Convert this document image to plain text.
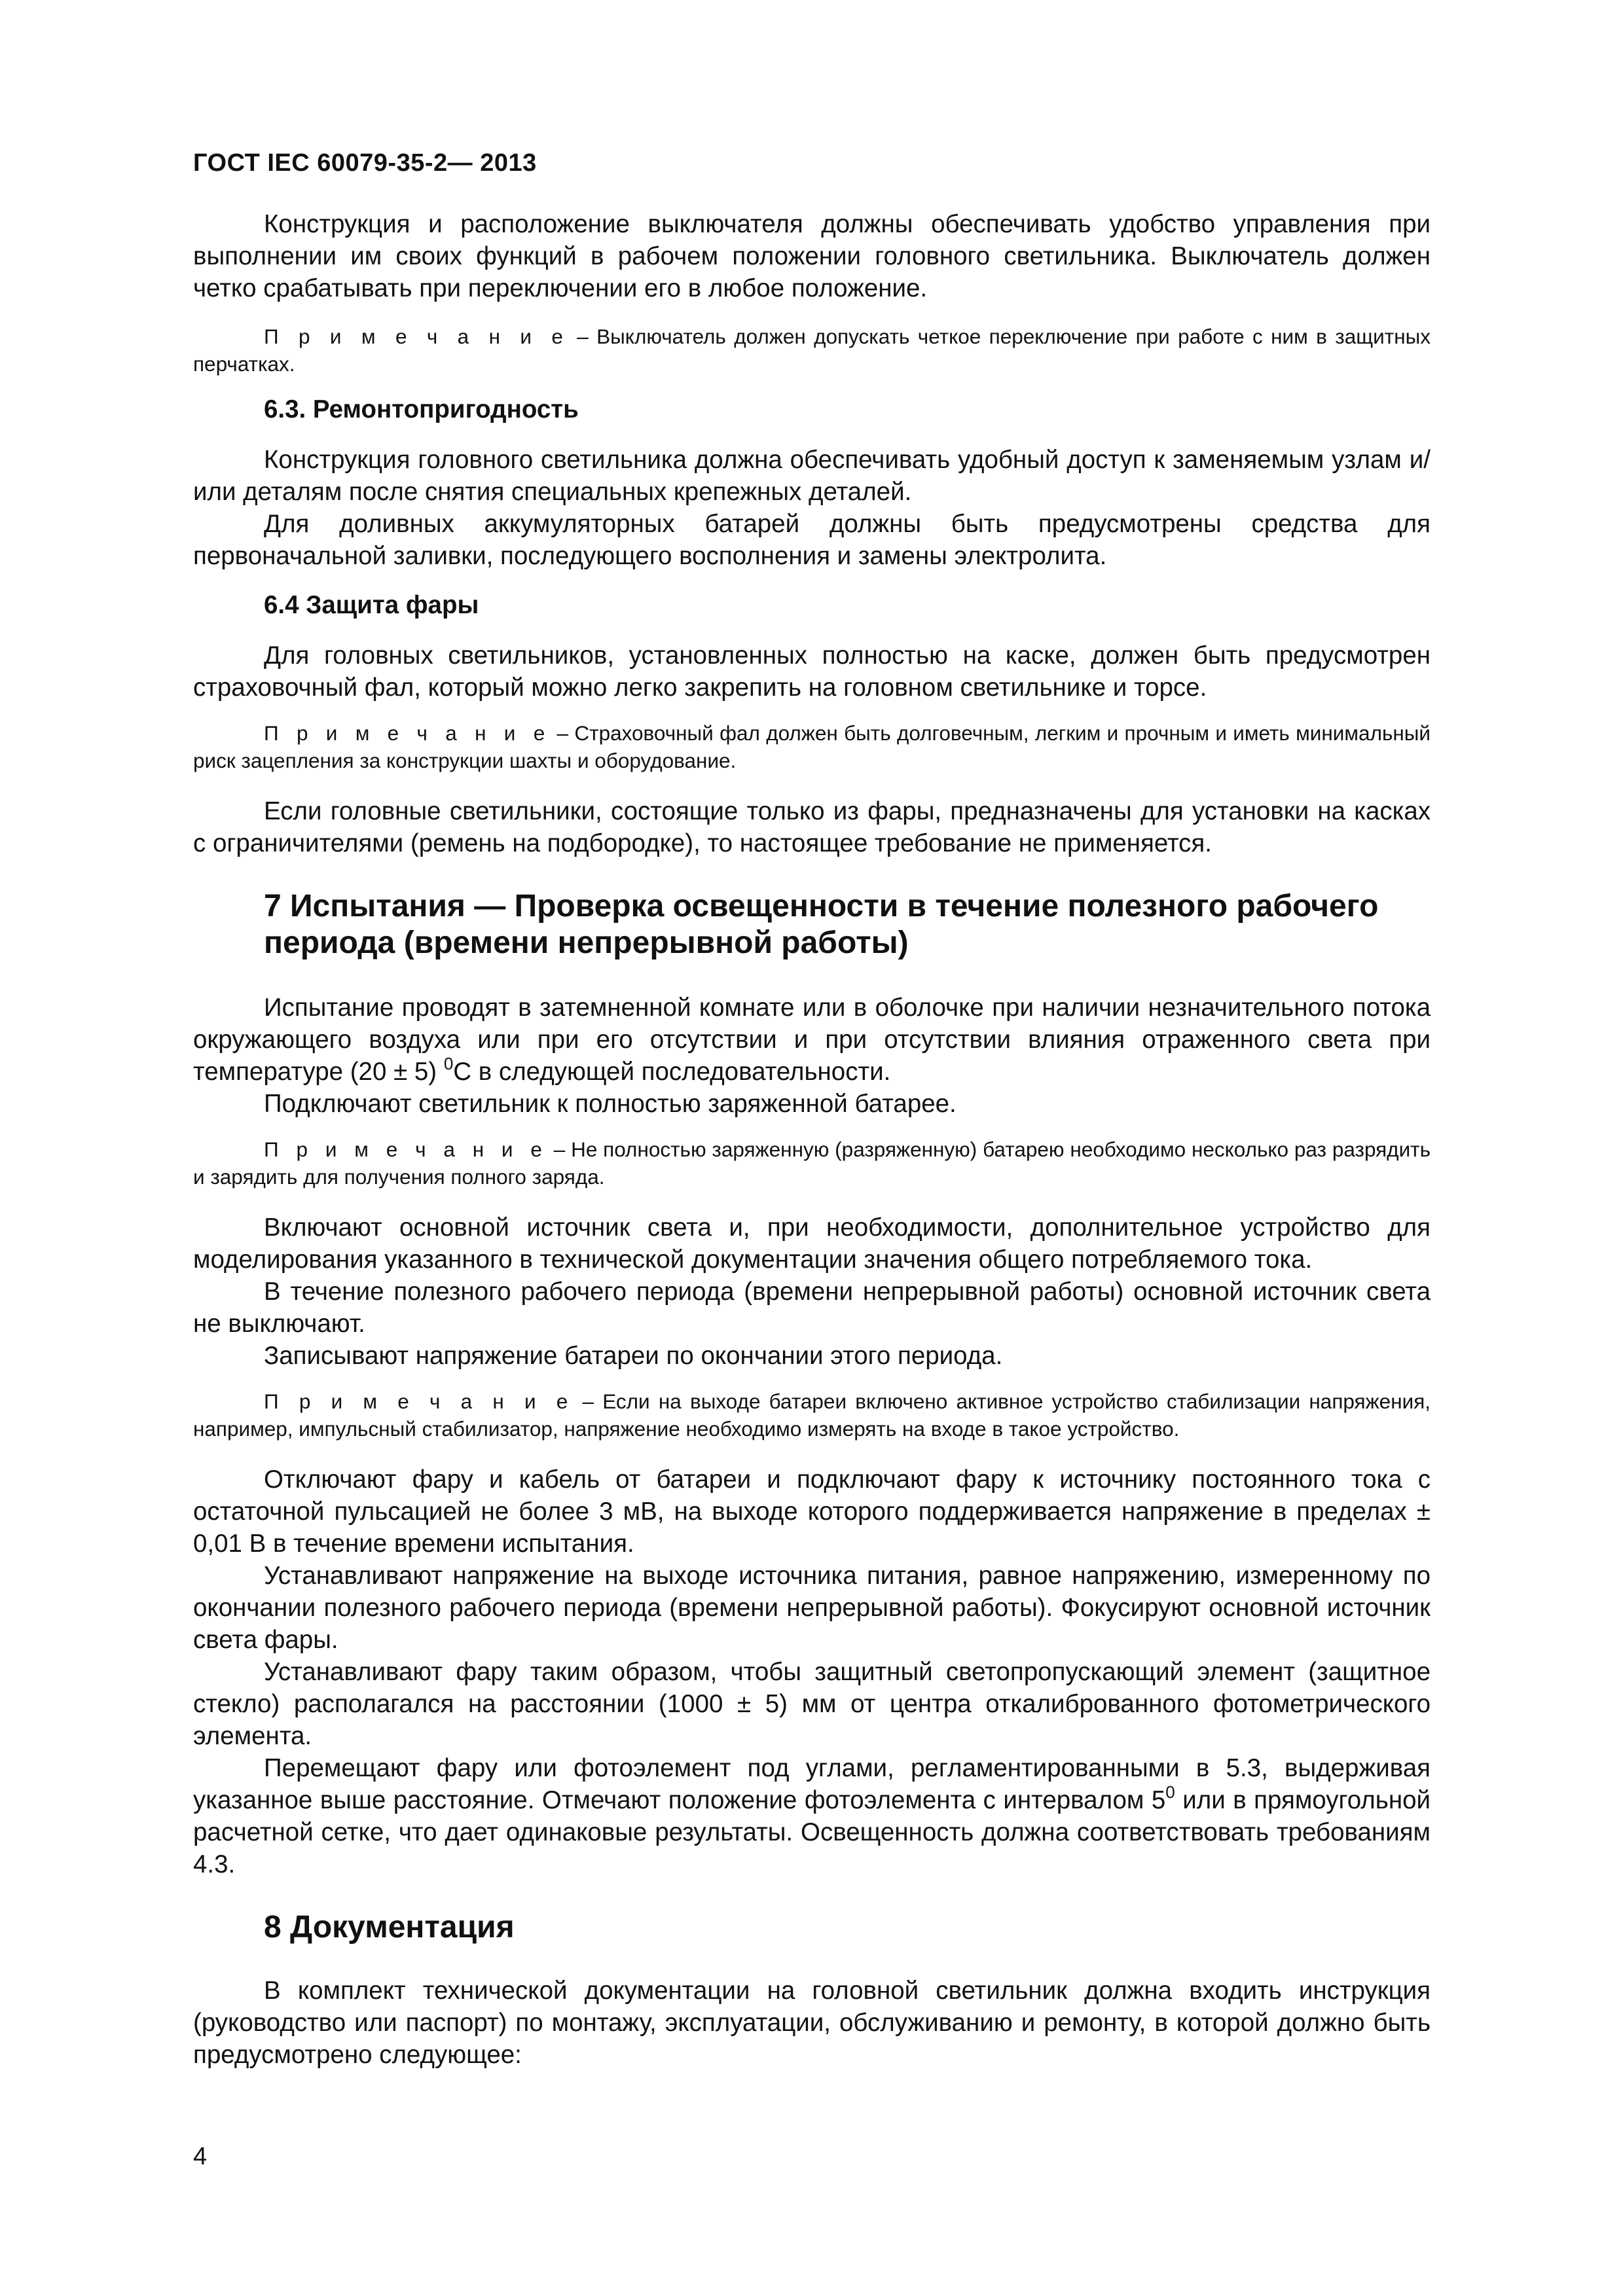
ГОСТ IEC 60079-35-2— 2013

Конструкция и расположение выключателя должны обеспечивать удобство управления при выполнении им своих функций в рабочем положении головного светильника. Выключатель должен четко срабатывать при переключении его в любое положение.

П р и м е ч а н и е – Выключатель должен допускать четкое переключение при работе с ним в защитных перчатках.

6.3. Ремонтопригодность

Конструкция головного светильника должна обеспечивать удобный доступ к заменяемым узлам и/или деталям после снятия специальных крепежных деталей.

Для доливных аккумуляторных батарей должны быть предусмотрены средства для первоначальной заливки, последующего восполнения и замены электролита.

6.4 Защита фары

Для головных светильников, установленных полностью на каске, должен быть предусмотрен страховочный фал, который можно легко закрепить на головном светильнике и торсе.

П р и м е ч а н и е – Страховочный фал должен быть долговечным, легким и прочным и иметь минимальный риск зацепления за конструкции шахты и оборудование.

Если головные светильники, состоящие только из фары, предназначены для установки на касках с ограничителями (ремень на подбородке), то настоящее требование не применяется.

7 Испытания — Проверка освещенности в течение полезного рабочего периода (времени непрерывной работы)

Испытание проводят в затемненной комнате или в оболочке при наличии незначительного потока окружающего воздуха или при его отсутствии и при отсутствии влияния отраженного света при температуре (20 ± 5) $^0$С в следующей последовательности.

Подключают светильник к полностью заряженной батарее.

П р и м е ч а н и е – Не полностью заряженную (разряженную) батарею необходимо несколько раз разрядить и зарядить для получения полного заряда.

Включают основной источник света и, при необходимости, дополнительное устройство для моделирования указанного в технической документации значения общего потребляемого тока.

В течение полезного рабочего периода (времени непрерывной работы) основной источник света не выключают.

Записывают напряжение батареи по окончании этого периода.

П р и м е ч а н и е – Если на выходе батареи включено активное устройство стабилизации напряжения, например, импульсный стабилизатор, напряжение необходимо измерять на входе в такое устройство.

Отключают фару и кабель от батареи и подключают фару к источнику постоянного тока с остаточной пульсацией не более 3 мВ, на выходе которого поддерживается напряжение в пределах ± 0,01 В в течение времени испытания.

Устанавливают напряжение на выходе источника питания, равное напряжению, измеренному по окончании полезного рабочего периода (времени непрерывной работы). Фокусируют основной источник света фары.

Устанавливают фару таким образом, чтобы защитный светопропускающий элемент (защитное стекло) располагался на расстоянии (1000 ± 5) мм от центра откалиброванного фотометрического элемента.

Перемещают фару или фотоэлемент под углами, регламентированными в 5.3, выдерживая указанное выше расстояние. Отмечают положение фотоэлемента с интервалом $5^0$ или в прямоугольной расчетной сетке, что дает одинаковые результаты. Освещенность должна соответствовать требованиям 4.3.

8 Документация

В комплект технической документации на головной светильник должна входить инструкция (руководство или паспорт) по монтажу, эксплуатации, обслуживанию и ремонту, в которой должно быть предусмотрено следующее:

4
